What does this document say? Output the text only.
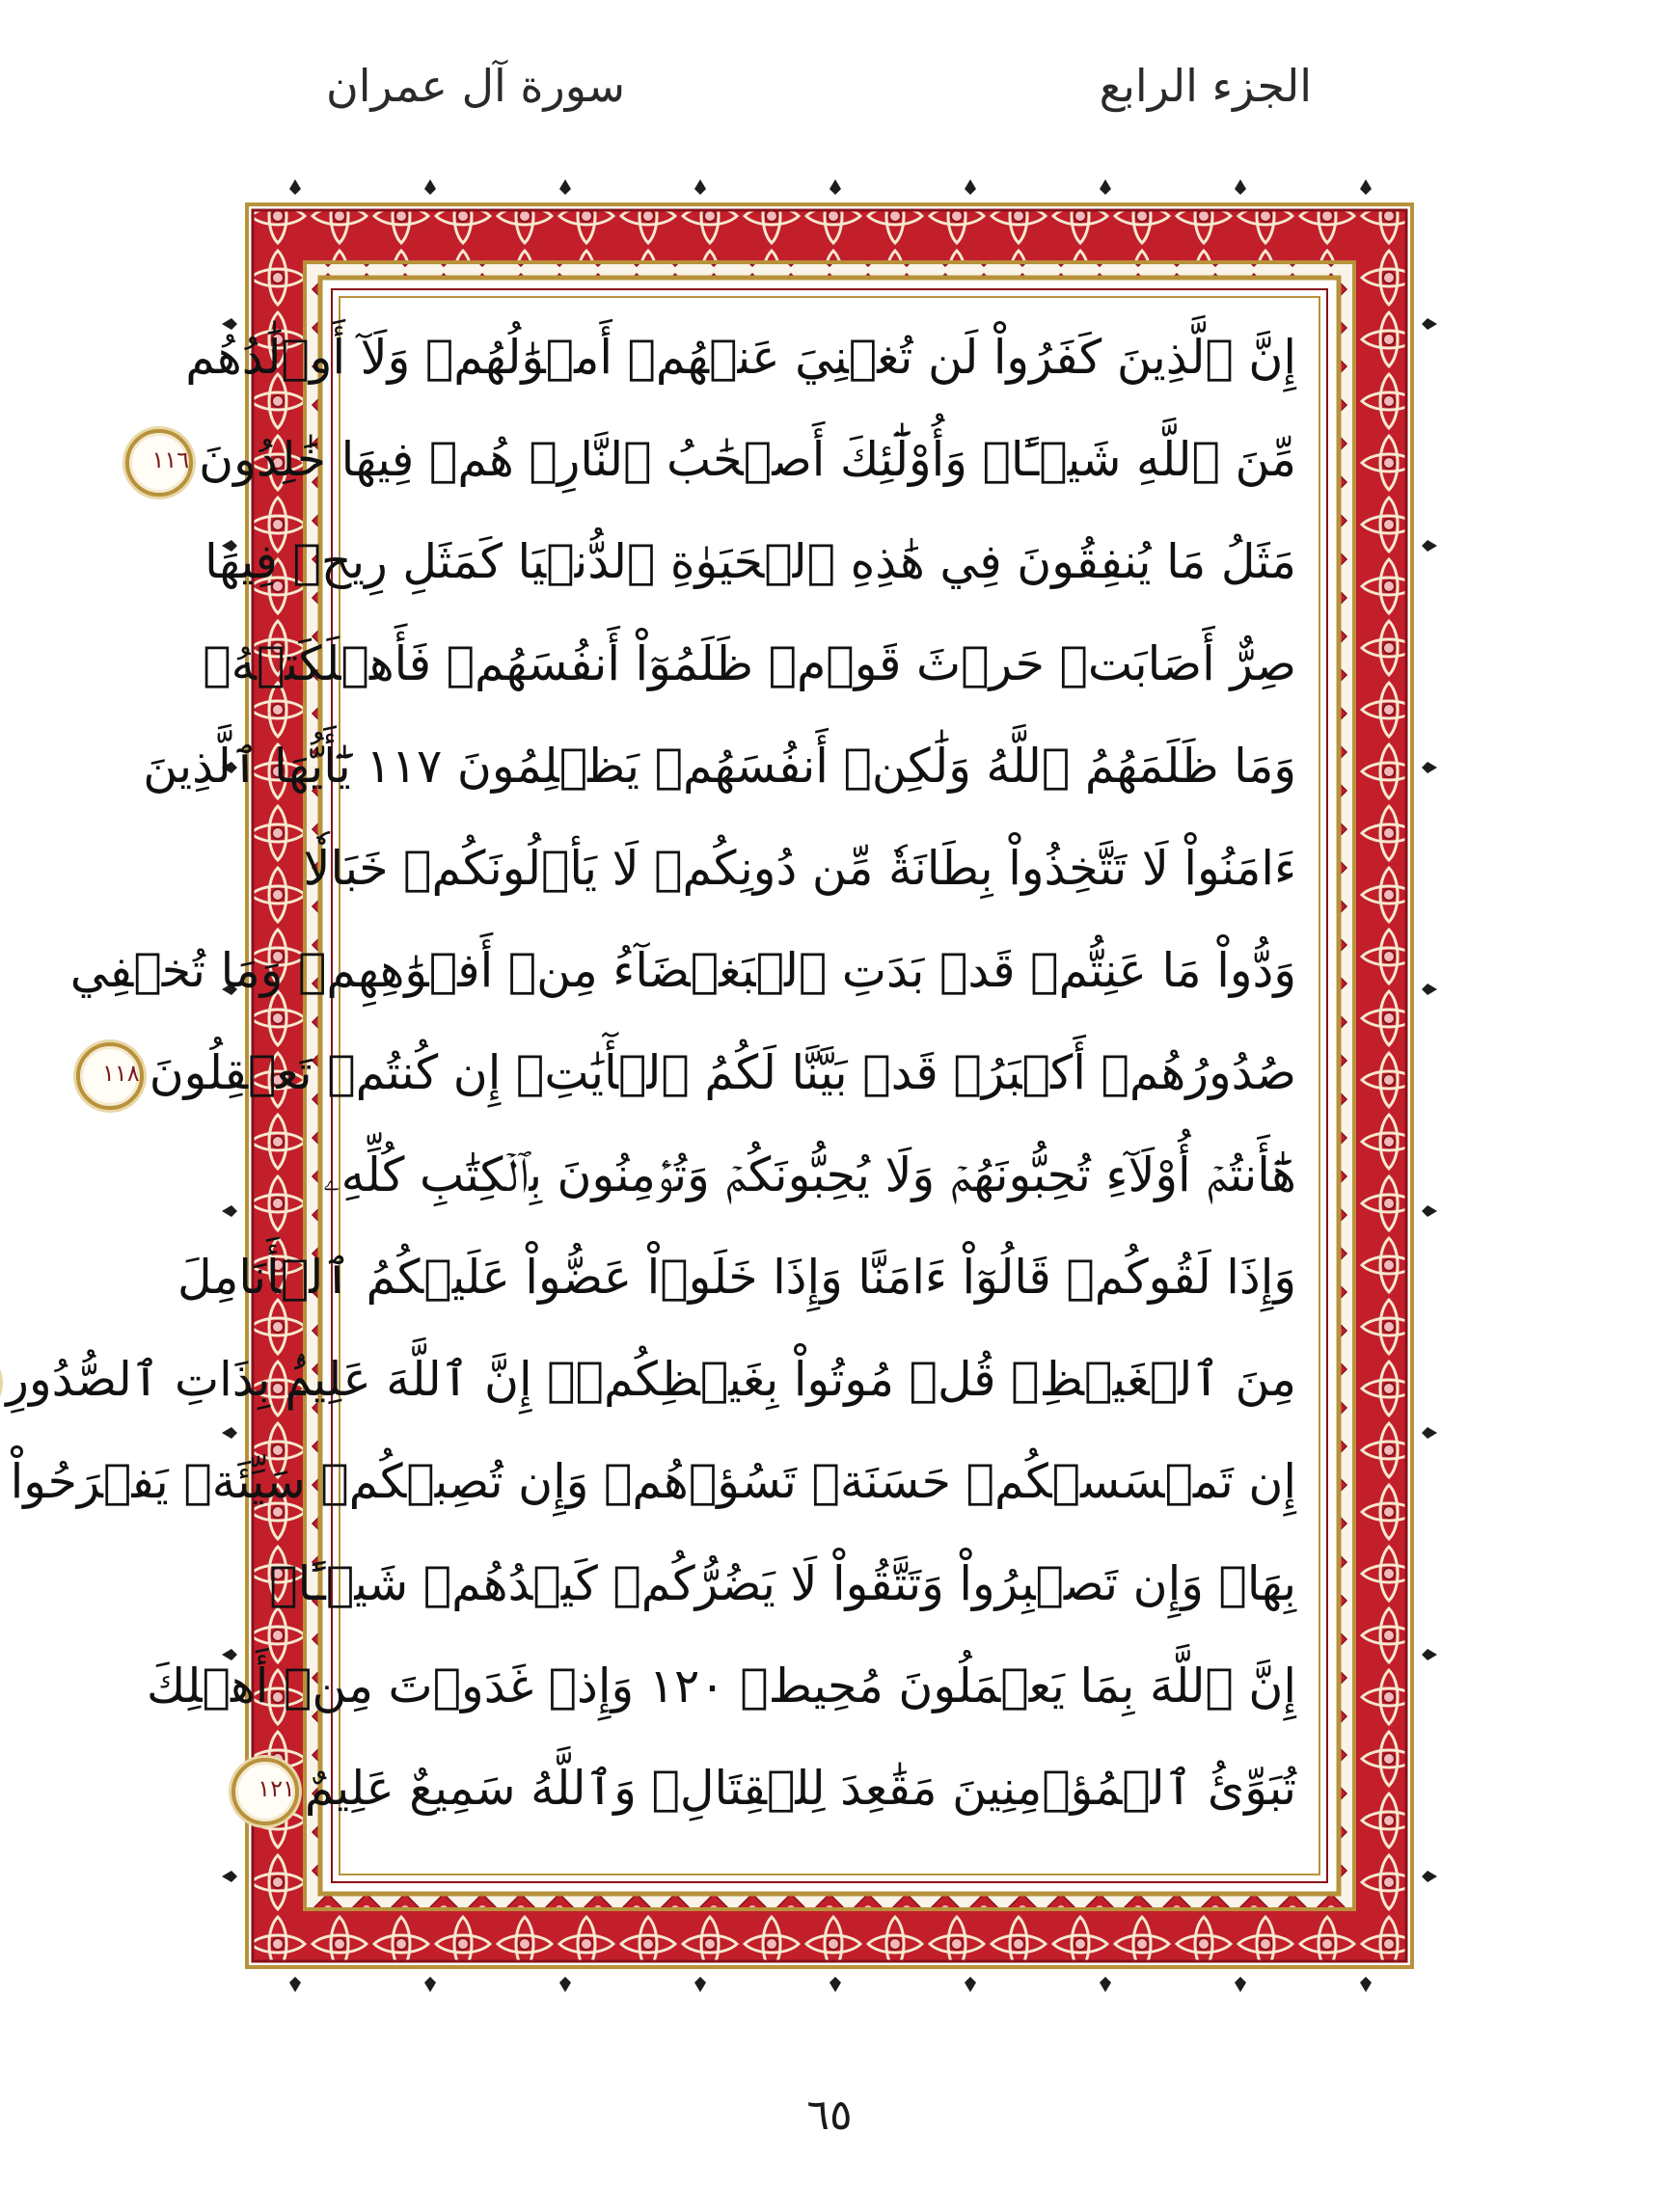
الجزء الرابع
سورة آل عمران
إِنَّ ٱلَّذِينَ كَفَرُواْ لَن تُغۡنِيَ عَنۡهُمۡ أَمۡوَٰلُهُمۡ وَلَآ أَوۡلَٰدُهُم
مِّنَ ٱللَّهِ شَيۡـًٔاۖ وَأُوْلَٰٓئِكَ أَصۡحَٰبُ ٱلنَّارِۚ هُمۡ فِيهَا خَٰلِدُونَ١١٦
مَثَلُ مَا يُنفِقُونَ فِي هَٰذِهِ ٱلۡحَيَوٰةِ ٱلدُّنۡيَا كَمَثَلِ رِيحٖ فِيهَا
صِرٌّ أَصَابَتۡ حَرۡثَ قَوۡمٖ ظَلَمُوٓاْ أَنفُسَهُمۡ فَأَهۡلَكَتۡهُۚ
وَمَا ظَلَمَهُمُ ٱللَّهُ وَلَٰكِنۡ أَنفُسَهُمۡ يَظۡلِمُونَ ١١٧ يَٰٓأَيُّهَا ٱلَّذِينَ
ءَامَنُواْ لَا تَتَّخِذُواْ بِطَانَةٗ مِّن دُونِكُمۡ لَا يَأۡلُونَكُمۡ خَبَالٗا
وَدُّواْ مَا عَنِتُّمۡ قَدۡ بَدَتِ ٱلۡبَغۡضَآءُ مِنۡ أَفۡوَٰهِهِمۡ وَمَا تُخۡفِي
صُدُورُهُمۡ أَكۡبَرُۚ قَدۡ بَيَّنَّا لَكُمُ ٱلۡأٓيَٰتِۖ إِن كُنتُمۡ تَعۡقِلُونَ١١٨
هَٰٓأَنتُمۡ أُوْلَآءِ تُحِبُّونَهُمۡ وَلَا يُحِبُّونَكُمۡ وَتُؤۡمِنُونَ بِٱلۡكِتَٰبِ كُلِّهِۦ
وَإِذَا لَقُوكُمۡ قَالُوٓاْ ءَامَنَّا وَإِذَا خَلَوۡاْ عَضُّواْ عَلَيۡكُمُ ٱلۡأَنَامِلَ
مِنَ ٱلۡغَيۡظِۚ قُلۡ مُوتُواْ بِغَيۡظِكُمۡۗ إِنَّ ٱللَّهَ عَلِيمُۢ بِذَاتِ ٱلصُّدُورِ
إِن تَمۡسَسۡكُمۡ حَسَنَةٞ تَسُؤۡهُمۡ وَإِن تُصِبۡكُمۡ سَيِّئَةٞ يَفۡرَحُواْ
بِهَاۖ وَإِن تَصۡبِرُواْ وَتَتَّقُواْ لَا يَضُرُّكُمۡ كَيۡدُهُمۡ شَيۡـًٔاۗ
إِنَّ ٱللَّهَ بِمَا يَعۡمَلُونَ مُحِيطٞ ١٢٠ وَإِذۡ غَدَوۡتَ مِنۡ أَهۡلِكَ
تُبَوِّئُ ٱلۡمُؤۡمِنِينَ مَقَٰعِدَ لِلۡقِتَالِۗ وَٱللَّهُ سَمِيعٌ عَلِيمٌ١٢١
٦٥
